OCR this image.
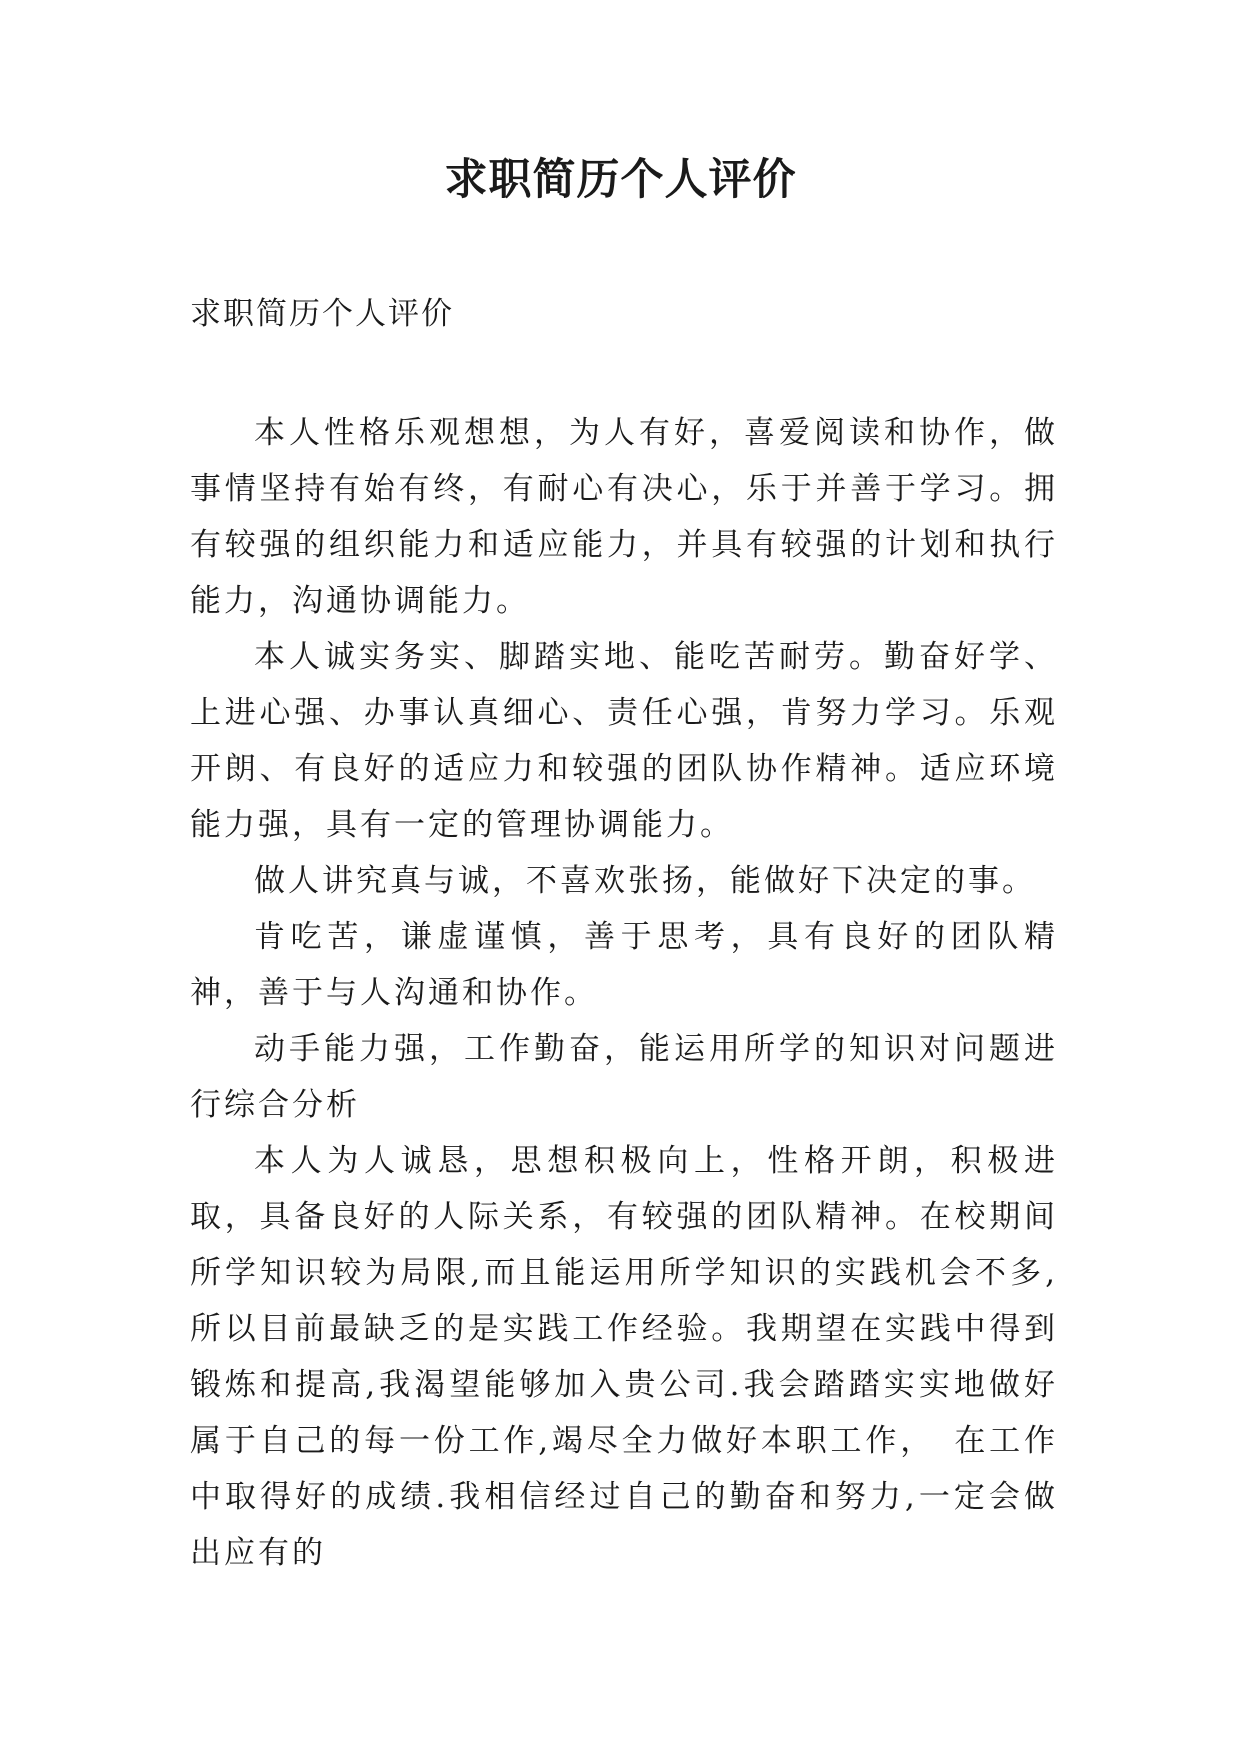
求职简历个人评价
求职简历个人评价

本人性格乐观想想，为人有好，喜爱阅读和协作，做事情坚持有始有终，有耐心有决心，乐于并善于学习。拥有较强的组织能力和适应能力，并具有较强的计划和执行能力，沟通协调能力。

本人诚实务实、脚踏实地、能吃苦耐劳。勤奋好学、上进心强、办事认真细心、责任心强，肯努力学习。乐观开朗、有良好的适应力和较强的团队协作精神。适应环境能力强，具有一定的管理协调能力。

做人讲究真与诚，不喜欢张扬，能做好下决定的事。

肯吃苦，谦虚谨慎，善于思考，具有良好的团队精神，善于与人沟通和协作。

动手能力强，工作勤奋，能运用所学的知识对问题进行综合分析

本人为人诚恳，思想积极向上，性格开朗，积极进取，具备良好的人际关系，有较强的团队精神。在校期间所学知识较为局限,而且能运用所学知识的实践机会不多,所以目前最缺乏的是实践工作经验。我期望在实践中得到锻炼和提高,我渴望能够加入贵公司.我会踏踏实实地做好属于自己的每一份工作,竭尽全力做好本职工作，　在工作中取得好的成绩.我相信经过自己的勤奋和努力,一定会做出应有的
